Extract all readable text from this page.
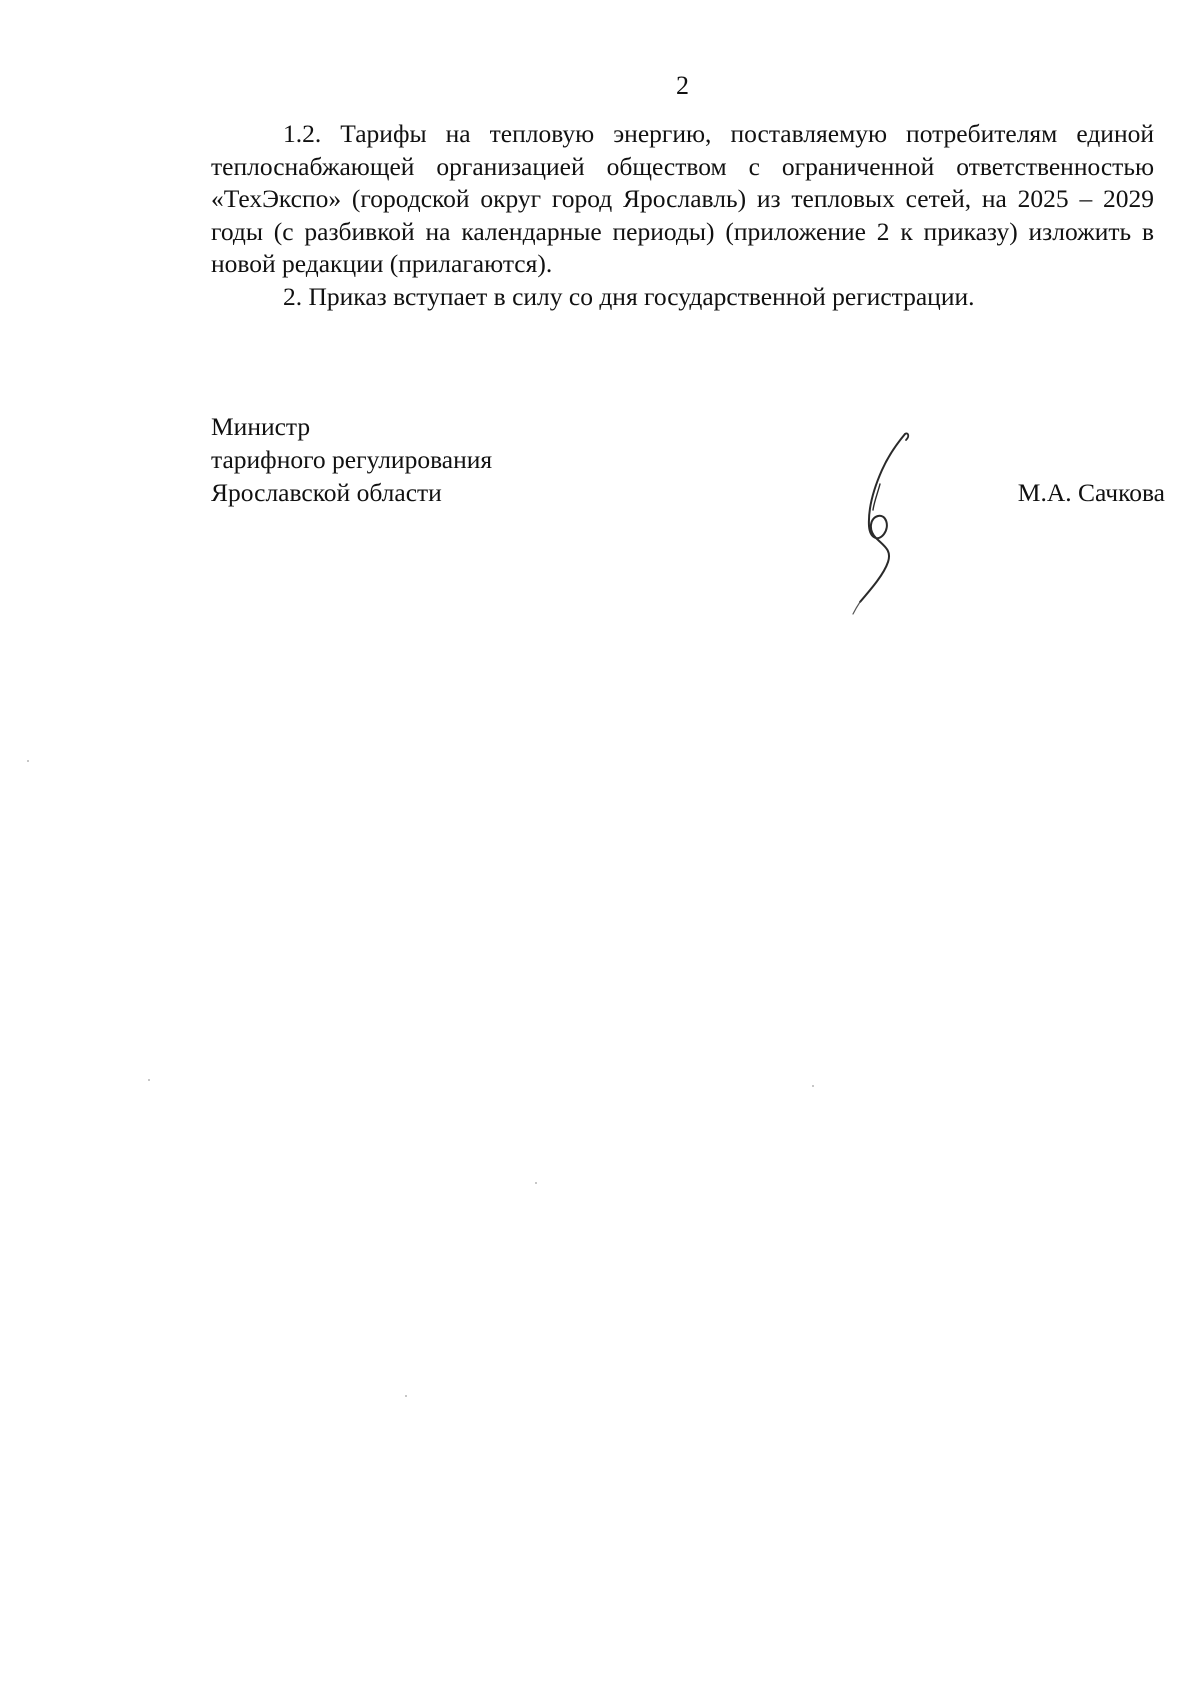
2

1.2. Тарифы на тепловую энергию, поставляемую потребителям единой теплоснабжающей организацией обществом с ограниченной ответственностью «ТехЭкспо» (городской округ город Ярославль) из тепловых сетей, на 2025 – 2029 годы (с разбивкой на календарные периоды) (приложение 2 к приказу) изложить в новой редакции (прилагаются).

2. Приказ вступает в силу со дня государственной регистрации.

Министр
тарифного регулирования
Ярославской области	М.А. Сачкова
